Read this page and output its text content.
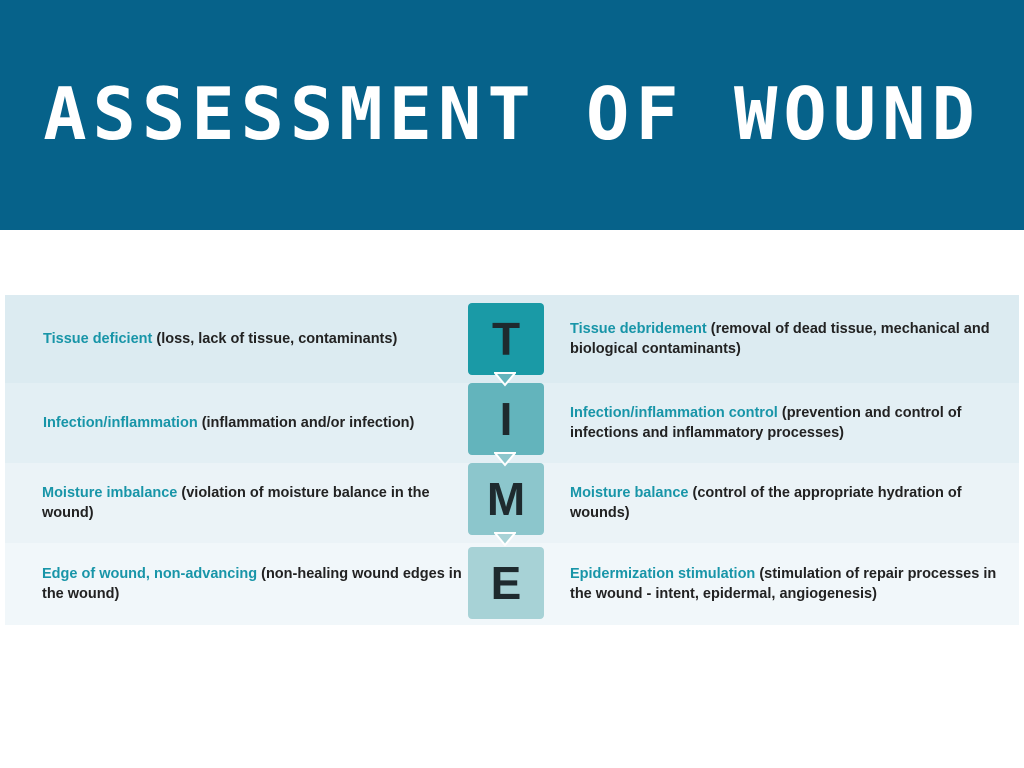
ASSESSMENT OF WOUND

Tissue deficient (loss, lack of tissue, contaminants)

Tissue debridement (removal of dead tissue, mechanical and biological contaminants)

Infection/inflammation (inflammation and/or infection)

Infection/inflammation control (prevention and control of infections and inflammatory processes)

Moisture imbalance (violation of moisture balance in the wound)

Moisture balance (control of the appropriate hydration of wounds)

Edge of wound, non-advancing (non-healing wound edges in the wound)

Epidermization stimulation (stimulation of repair processes in the wound - intent, epidermal, angiogenesis)

T
I
M
E
